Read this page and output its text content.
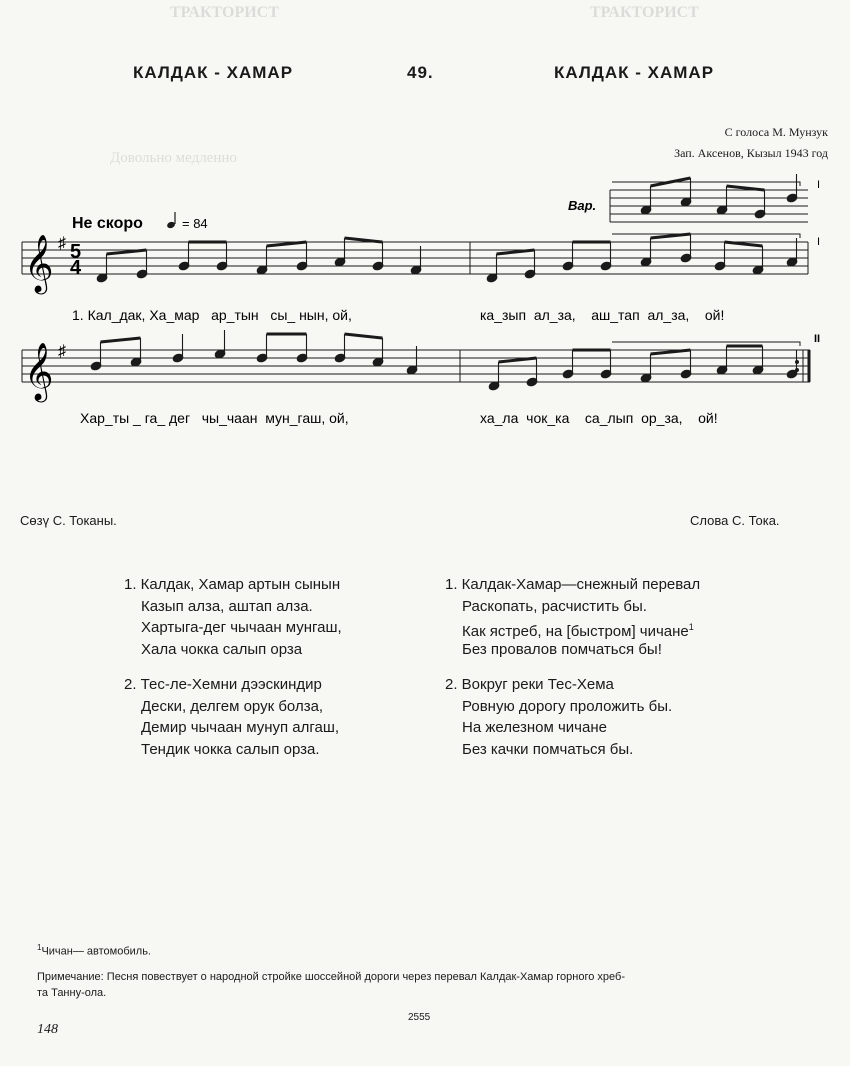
ТРАКТОРИСТ	ТРАКТОРИСТ
Довольно медленно
КАЛДАК - ХАМАР	49.	КАЛДАК - ХАМАР
С голоса М. Мунзук
Зап. Аксенов, Кызыл 1943 год
𝄞
𝄞
♯
♯
5
4
Не скоро	= 84
Вар.
I
I
II
1. Кал_дак, Ха_мар   ар_тын   сы_ нын, ой,	ка_зып  ал_за,    аш_тап  ал_за,    ой!
Хар_ты _ га_ дег   чы_чаан  мун_гаш, ой,	ха_ла  чок_ка    са_лып  ор_за,    ой!
Сөзү С. Токаны.	Слова С. Тока.
1. Калдак, Хамар артын сынын
Казып алза, аштап алза.
Хартыга-дег чычаан мунгаш,
Хала чокка салып орза
2. Тес-ле-Хемни дээскиндир
Дески, делгем орук болза,
Демир чычаан мунуп алгаш,
Тендик чокка салып орза.
1. Калдак-Хамар—снежный перевал
Раскопать, расчистить бы.
Как ястреб, на [быстром] чичане$^1$
Без провалов помчаться бы!
2. Вокруг реки Тес-Хема
Ровную дорогу проложить бы.
На железном чичане
Без качки помчаться бы.
$^1$Чичан— автомобиль.
Примечание: Песня повествует о народной стройке шоссейной дороги через перевал Калдак-Хамар горного хреб-
та Танну-ола.
148
2555
